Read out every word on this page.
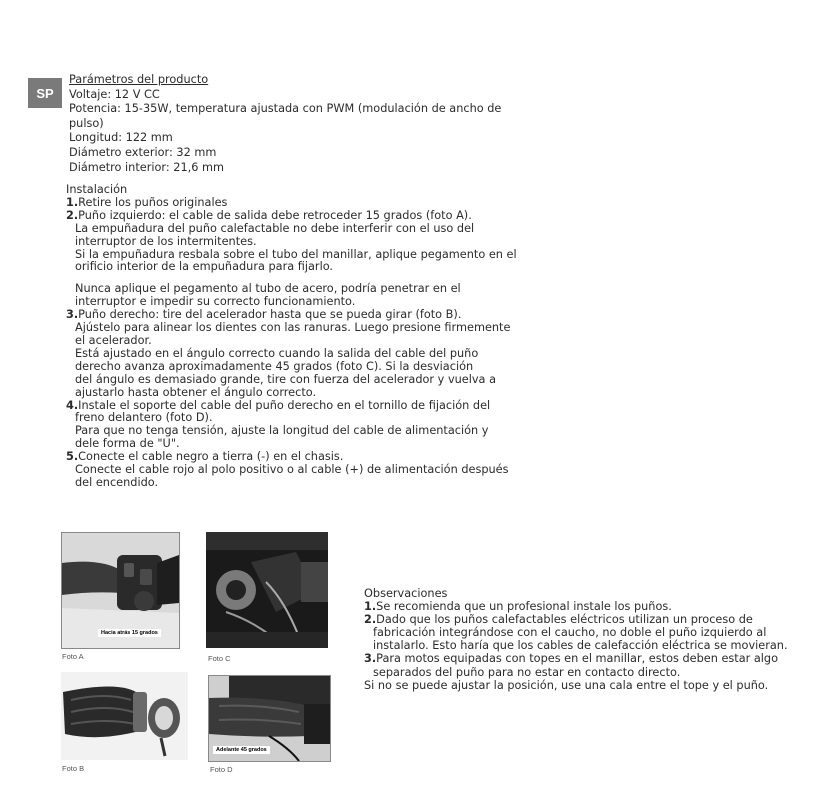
SP
Parámetros del producto
Voltaje: 12 V CC
Potencia: 15-35W, temperatura ajustada con PWM (modulación de ancho de
pulso)
Longitud: 122 mm
Diámetro exterior: 32 mm
Diámetro interior: 21,6 mm
Instalación
1.Retire los puños originales
2.Puño izquierdo: el cable de salida debe retroceder 15 grados (foto A).
La empuñadura del puño calefactable no debe interferir con el uso del
interruptor de los intermitentes.
Si la empuñadura resbala sobre el tubo del manillar, aplique pegamento en el
orificio interior de la empuñadura para fijarlo.
Nunca aplique el pegamento al tubo de acero, podría penetrar en el
interruptor e impedir su correcto funcionamiento.
3.Puño derecho: tire del acelerador hasta que se pueda girar (foto B).
Ajústelo para alinear los dientes con las ranuras. Luego presione firmemente
el acelerador.
Está ajustado en el ángulo correcto cuando la salida del cable del puño
derecho avanza aproximadamente 45 grados (foto C). Si la desviación
del ángulo es demasiado grande, tire con fuerza del acelerador y vuelva a
ajustarlo hasta obtener el ángulo correcto.
4.Instale el soporte del cable del puño derecho en el tornillo de fijación del
freno delantero (foto D).
Para que no tenga tensión, ajuste la longitud del cable de alimentación y
dele forma de "U".
5.Conecte el cable negro a tierra (-) en el chasis.
Conecte el cable rojo al polo positivo o al cable (+) de alimentación después
del encendido.
Hacia atrás 15 grados
Foto A	Foto C
Foto B
Adelante 45 grados
Foto D
Observaciones
1.Se recomienda que un profesional instale los puños.
2.Dado que los puños calefactables eléctricos utilizan un proceso de
fabricación integrándose con el caucho, no doble el puño izquierdo al
instalarlo. Esto haría que los cables de calefacción eléctrica se movieran.
3.Para motos equipadas con topes en el manillar, estos deben estar algo
separados del puño para no estar en contacto directo.
Si no se puede ajustar la posición, use una cala entre el tope y el puño.
